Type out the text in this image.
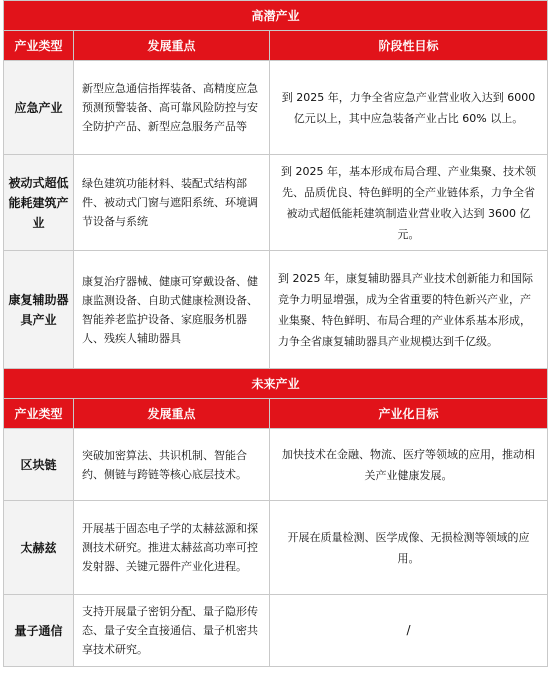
高潜产业		
产业类型	发展重点	阶段性目标
应急产业	新型应急通信指挥装备、高精度应急预测预警装备、高可靠风险防控与安全防护产品、新型应急服务产品等	到 2025 年，力争全省应急产业营业收入达到 6000 亿元以上，其中应急装备产业占比 60% 以上。
被动式超低能耗建筑产业	绿色建筑功能材料、装配式结构部件、被动式门窗与遮阳系统、环境调节设备与系统	到 2025 年，基本形成布局合理、产业集聚、技术领先、品质优良、特色鲜明的全产业链体系，力争全省被动式超低能耗建筑制造业营业收入达到 3600 亿元。
康复辅助器具产业	康复治疗器械、健康可穿戴设备、健康监测设备、自助式健康检测设备、智能养老监护设备、家庭服务机器人、残疾人辅助器具	到 2025 年，康复辅助器具产业技术创新能力和国际竞争力明显增强，成为全省重要的特色新兴产业，产业集聚、特色鲜明、布局合理的产业体系基本形成，力争全省康复辅助器具产业规模达到千亿级。
未来产业		
产业类型	发展重点	产业化目标
区块链	突破加密算法、共识机制、智能合约、侧链与跨链等核心底层技术。	加快技术在金融、物流、医疗等领域的应用，推动相关产业健康发展。
太赫兹	开展基于固态电子学的太赫兹源和探测技术研究。推进太赫兹高功率可控发射器、关键元器件产业化进程。	开展在质量检测、医学成像、无损检测等领域的应用。
量子通信	支持开展量子密钥分配、量子隐形传态、量子安全直接通信、量子机密共享技术研究。	/
